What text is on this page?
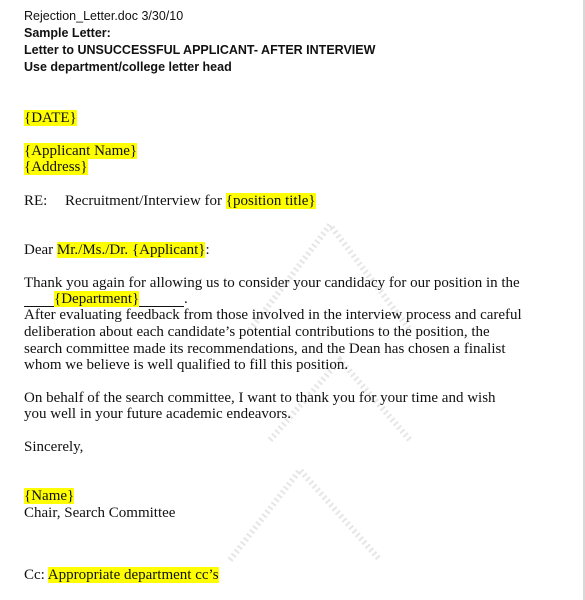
Rejection_Letter.doc 3/30/10
Sample Letter:
Letter to UNSUCCESSFUL APPLICANT- AFTER INTERVIEW
Use department/college letter head
{DATE}
{Applicant Name}
{Address}
RE: Recruitment/Interview for {position title}
Dear Mr./Ms./Dr. {Applicant}:
Thank you again for allowing us to consider your candidacy for our position in the
{Department}	.
After evaluating feedback from those involved in the interview process and careful
deliberation about each candidate’s potential contributions to the position, the
search committee made its recommendations, and the Dean has chosen a finalist
whom we believe is well qualified to fill this position.
On behalf of the search committee, I want to thank you for your time and wish
you well in your future academic endeavors.
Sincerely,
{Name}
Chair, Search Committee
Cc: Appropriate department cc’s
